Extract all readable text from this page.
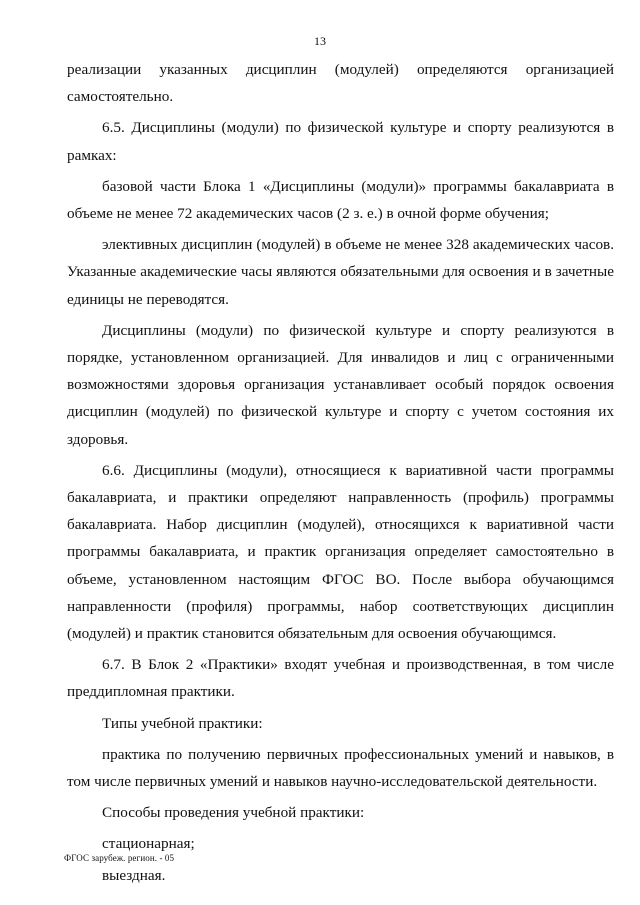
13

реализации указанных дисциплин (модулей) определяются организацией самостоятельно.

6.5. Дисциплины (модули) по физической культуре и спорту реализуются в рамках:

базовой части Блока 1 «Дисциплины (модули)» программы бакалавриата в объеме не менее 72 академических часов (2 з. е.) в очной форме обучения;

элективных дисциплин (модулей) в объеме не менее 328 академических часов. Указанные академические часы являются обязательными для освоения и в зачетные единицы не переводятся.

Дисциплины (модули) по физической культуре и спорту реализуются в порядке, установленном организацией. Для инвалидов и лиц с ограниченными возможностями здоровья организация устанавливает особый порядок освоения дисциплин (модулей) по физической культуре и спорту с учетом состояния их здоровья.

6.6. Дисциплины (модули), относящиеся к вариативной части программы бакалавриата, и практики определяют направленность (профиль) программы бакалавриата. Набор дисциплин (модулей), относящихся к вариативной части программы бакалавриата, и практик организация определяет самостоятельно в объеме, установленном настоящим ФГОС ВО. После выбора обучающимся направленности (профиля) программы, набор соответствующих дисциплин (модулей) и практик становится обязательным для освоения обучающимся.

6.7. В Блок 2 «Практики» входят учебная и производственная, в том числе преддипломная практики.

Типы учебной практики:

практика по получению первичных профессиональных умений и навыков, в том числе первичных умений и навыков научно-исследовательской деятельности.

Способы проведения учебной практики:

стационарная;

выездная.

ФГОС зарубеж. регион. - 05
